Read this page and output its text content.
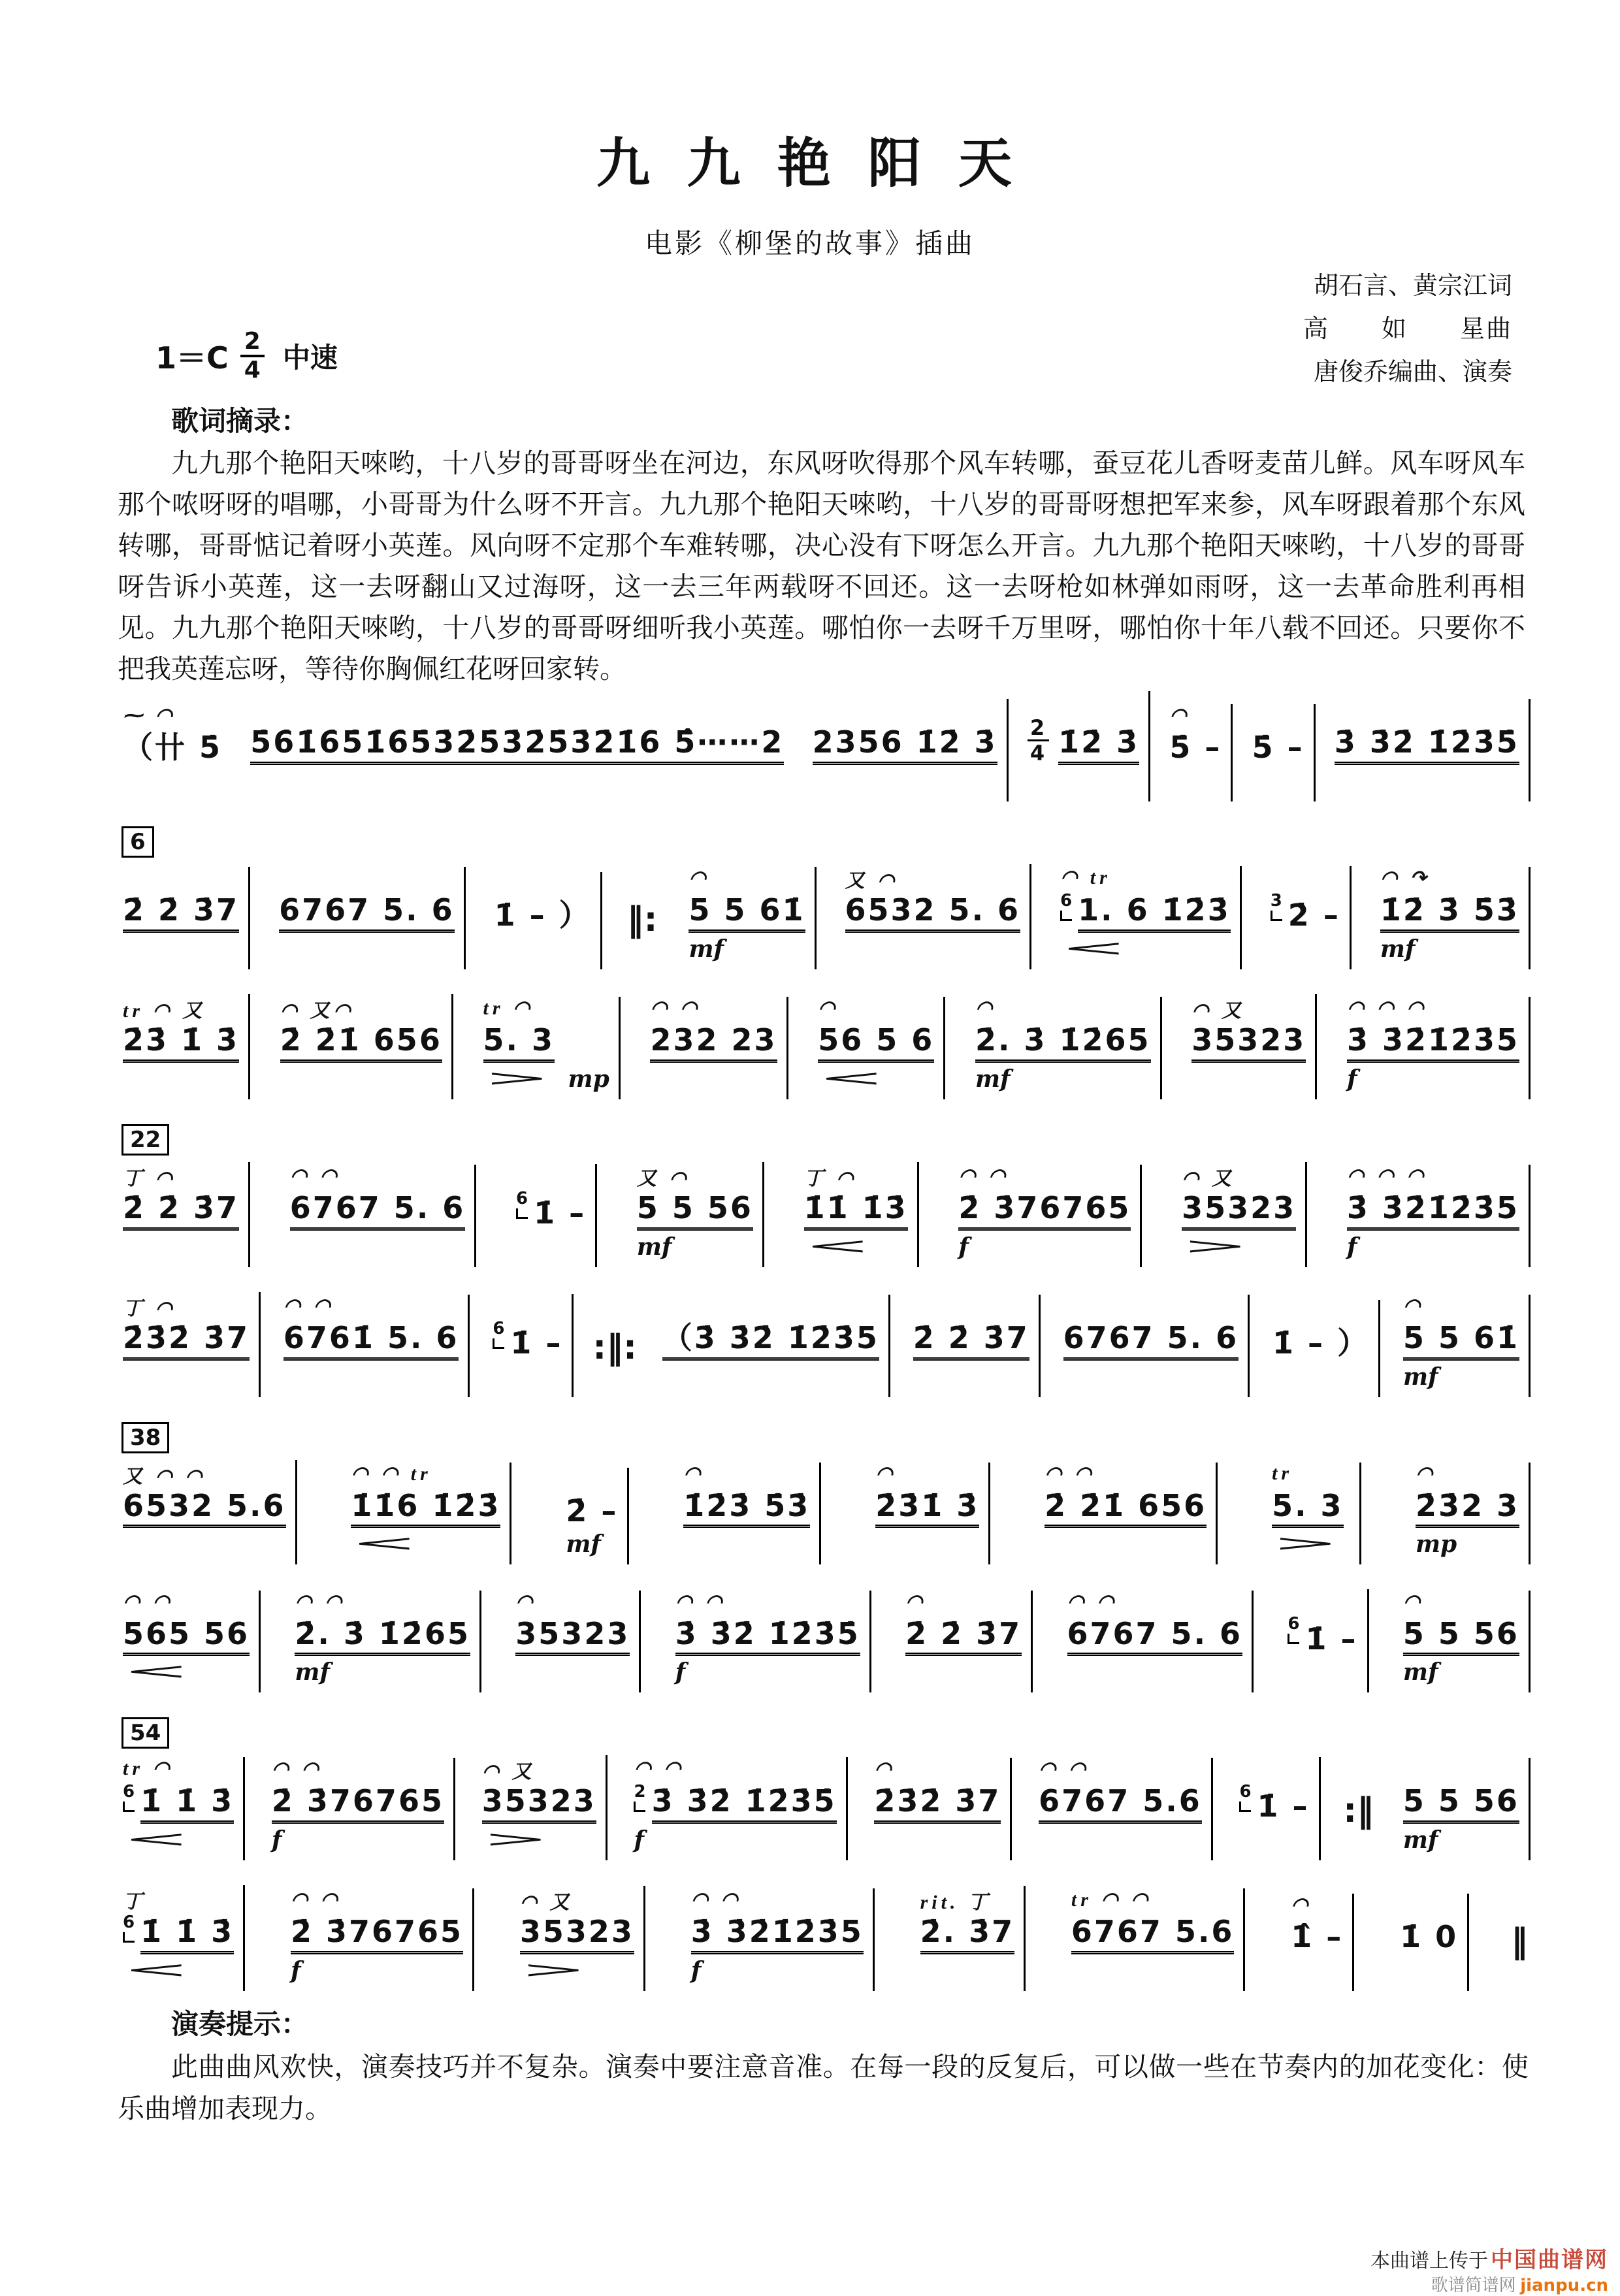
九 九 艳 阳 天
电影《柳堡的故事》插曲
胡石言、黄宗江词
高　　如　　星曲
唐俊乔编曲、演奏
$1=C \frac{2}{4}$ 中速
歌词摘录：
九九那个艳阳天唻哟，十八岁的哥哥呀坐在河边，东风呀吹得那个风车转哪，蚕豆花儿香呀麦苗儿鲜。风车呀风车那个哝呀呀的唱哪，小哥哥为什么呀不开言。九九那个艳阳天唻哟，十八岁的哥哥呀想把军来参，风车呀跟着那个东风转哪，哥哥惦记着呀小英莲。风向呀不定那个车难转哪，决心没有下呀怎么开言。九九那个艳阳天唻哟，十八岁的哥哥呀告诉小英莲，这一去呀翻山又过海呀，这一去三年两载呀不回还。这一去呀枪如林弹如雨呀，这一去革命胜利再相见。九九那个艳阳天唻哟，十八岁的哥哥呀细听我小英莲。哪怕你一去呀千万里呀，哪怕你十年八载不回还。只要你不把我英莲忘呀，等待你胸佩红花呀回家转。
⁓ ◠
（卄 5̇

5̇6̇1̇6̇5̇1̇6̇5̇3̇2̇5̇3̇2̇5̇3̇2̇1̇6 5̂⋯⋯2

2356 1̇2̇ 3̇

$\frac{2}{4}$ 1̇2̇ 3̇

◠
5̇ –

5̇ –

3̇ 3̇2̇ 1̇2̇3̇5̇

6

2̇ 2̇ 3̇7

6767 5. 6

1̇ – ）
‖:
◠
5 5 61̇
mf
又 ◠
6532 5. 6

◠ tr
6 1. 6 1̇2̇3̇
<

3 2̇ –

◠ ↷
1̇2̇ 3̇ 5̇3̇
mf
tr ◠ 又
2̇3̇ 1̇ 3̇

◠ 又◠
2̇ 2̇1̇ 656

tr ◠
5. 3
> mp
◠ ◠
232 23

◠
56 5 6
<
◠
2̇. 3̇ 1̇2̇65
mf
◠ 又
35323

◠ ◠ ◠
3̇ 3̇2̇1̇2̇3̇5
f
22
丁 ◠
2̇ 2̇ 3̇7

◠ ◠
6767 5. 6

	6 1̇ –

又 ◠
5 5 56
mf
丁 ◠
1̇1̇ 1̇3̇
<
◠ ◠
2̇ 3̇76765
f
◠ 又
35323
>
◠ ◠ ◠
3̇ 3̇2̇1̇2̇3̇5
f
丁 ◠
2̇3̇2̇ 3̇7

◠ ◠
6761̇ 5. 6

6 1̇ –
:‖:
（3̇ 3̇2̇ 1̇2̇3̇5

2̇ 2̇ 3̇7

6767 5. 6

1̇ – ）

◠
5 5 61̇
mf
38
又 ◠ ◠
6532 5.6

◠ ◠ tr
1̇1̇6 1̇2̇3̇
<

2̇ –
mf
◠
1̇2̇3̇ 5̇3̇

◠
2̇3̇1̇ 3̇

◠ ◠
2̇ 2̇1̇ 656

tr
5. 3
>
◠
2̇3̇2 3
mp
◠ ◠
565 56
<
◠ ◠
2̇. 3̇ 1̇2̇65
mf
◠
35323

◠ ◠
3̇ 3̇2̇ 1̇2̇3̇5̇
f
◠
2̇ 2̇ 3̇7

◠ ◠
6767 5. 6

	6 1̇ –

◠
5 5 56
mf
54
tr ◠
6 1̇ 1̇ 3̇
<
◠ ◠
2̇ 3̇76765
f
◠ 又
35323
>
◠ ◠
2 3̇ 3̇2̇ 1̇2̇3̇5̇
f
◠
2̇3̇2̇ 3̇7

◠ ◠
6767 5.6

6 1̇ –
:‖
5 5 56
mf
丁
6 1̇ 1̇ 3̇
<
◠ ◠
2̇ 3̇76765
f
◠ 又
35323
>
◠ ◠
3̇ 3̇2̇1̇2̇3̇5
f
rit. 丁
2̇. 3̇7

tr ◠ ◠
6767 5.6

◠
1̂ –

1̇ 0
‖
演奏提示：
此曲曲风欢快，演奏技巧并不复杂。演奏中要注意音准。在每一段的反复后，可以做一些在节奏内的加花变化：使乐曲增加表现力。
本曲谱上传于 中国曲谱网
歌谱简谱网 jianpu.cn
